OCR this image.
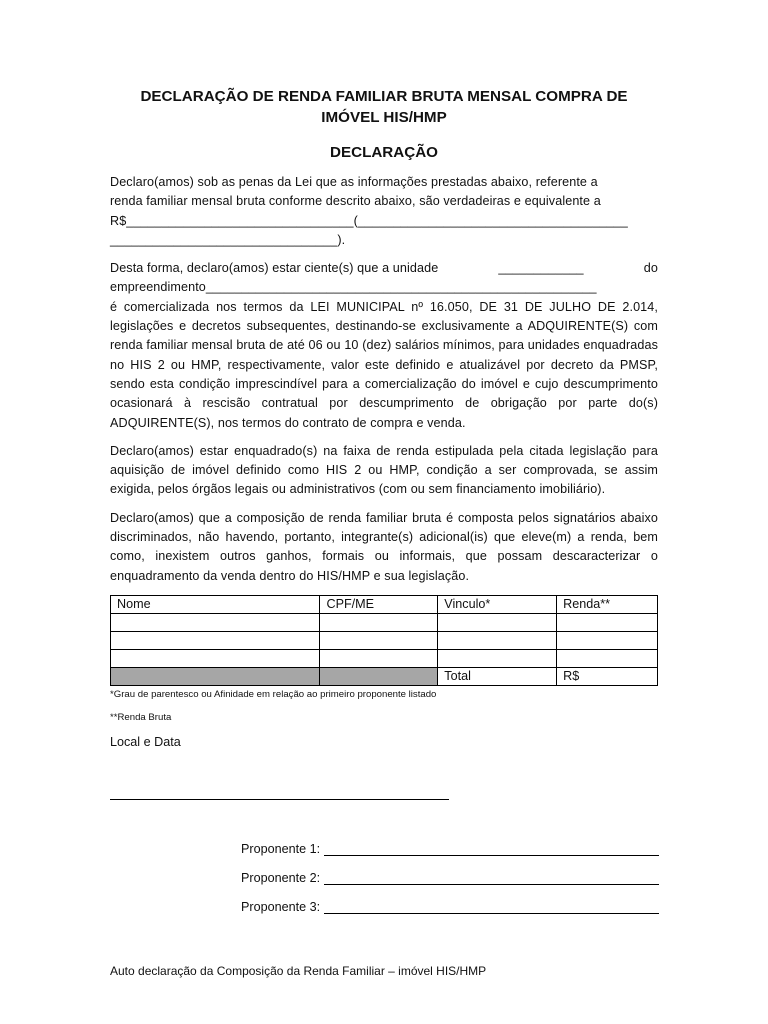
DECLARAÇÃO DE RENDA FAMILIAR BRUTA MENSAL COMPRA DE IMÓVEL HIS/HMP
DECLARAÇÃO

Declaro(amos) sob as penas da Lei que as informações prestadas abaixo, referente a
renda familiar mensal bruta conforme descrito abaixo, são verdadeiras e equivalente a
R$________________________________(______________________________________
________________________________).

Desta forma, declaro(amos) estar ciente(s) que a unidade	____________	do
empreendimento_______________________________________________________
é comercializada nos termos da LEI MUNICIPAL nº 16.050, DE 31 DE JULHO DE 2.014, legislações e decretos subsequentes, destinando-se exclusivamente a ADQUIRENTE(S) com renda familiar mensal bruta de até 06 ou 10 (dez) salários mínimos, para unidades enquadradas no HIS 2 ou HMP, respectivamente, valor este definido e atualizável por decreto da PMSP, sendo esta condição imprescindível para a comercialização do imóvel e cujo descumprimento ocasionará à rescisão contratual por descumprimento de obrigação por parte do(s) ADQUIRENTE(S), nos termos do contrato de compra e venda.

Declaro(amos) estar enquadrado(s) na faixa de renda estipulada pela citada legislação para aquisição de imóvel definido como HIS 2 ou HMP, condição a ser comprovada, se assim exigida, pelos órgãos legais ou administrativos (com ou sem financiamento imobiliário).

Declaro(amos) que a composição de renda familiar bruta é composta pelos signatários abaixo discriminados, não havendo, portanto, integrante(s) adicional(is) que eleve(m) a renda, bem como, inexistem outros ganhos, formais ou informais, que possam descaracterizar o enquadramento da venda dentro do HIS/HMP e sua legislação.

Nome	CPF/ME	Vinculo*	Renda**

		Total	R$
*Grau de parentesco ou Afinidade em relação ao primeiro proponente listado
**Renda Bruta
Local e Data
Proponente 1:
Proponente 2:
Proponente 3:
Auto declaração da Composição da Renda Familiar – imóvel HIS/HMP
